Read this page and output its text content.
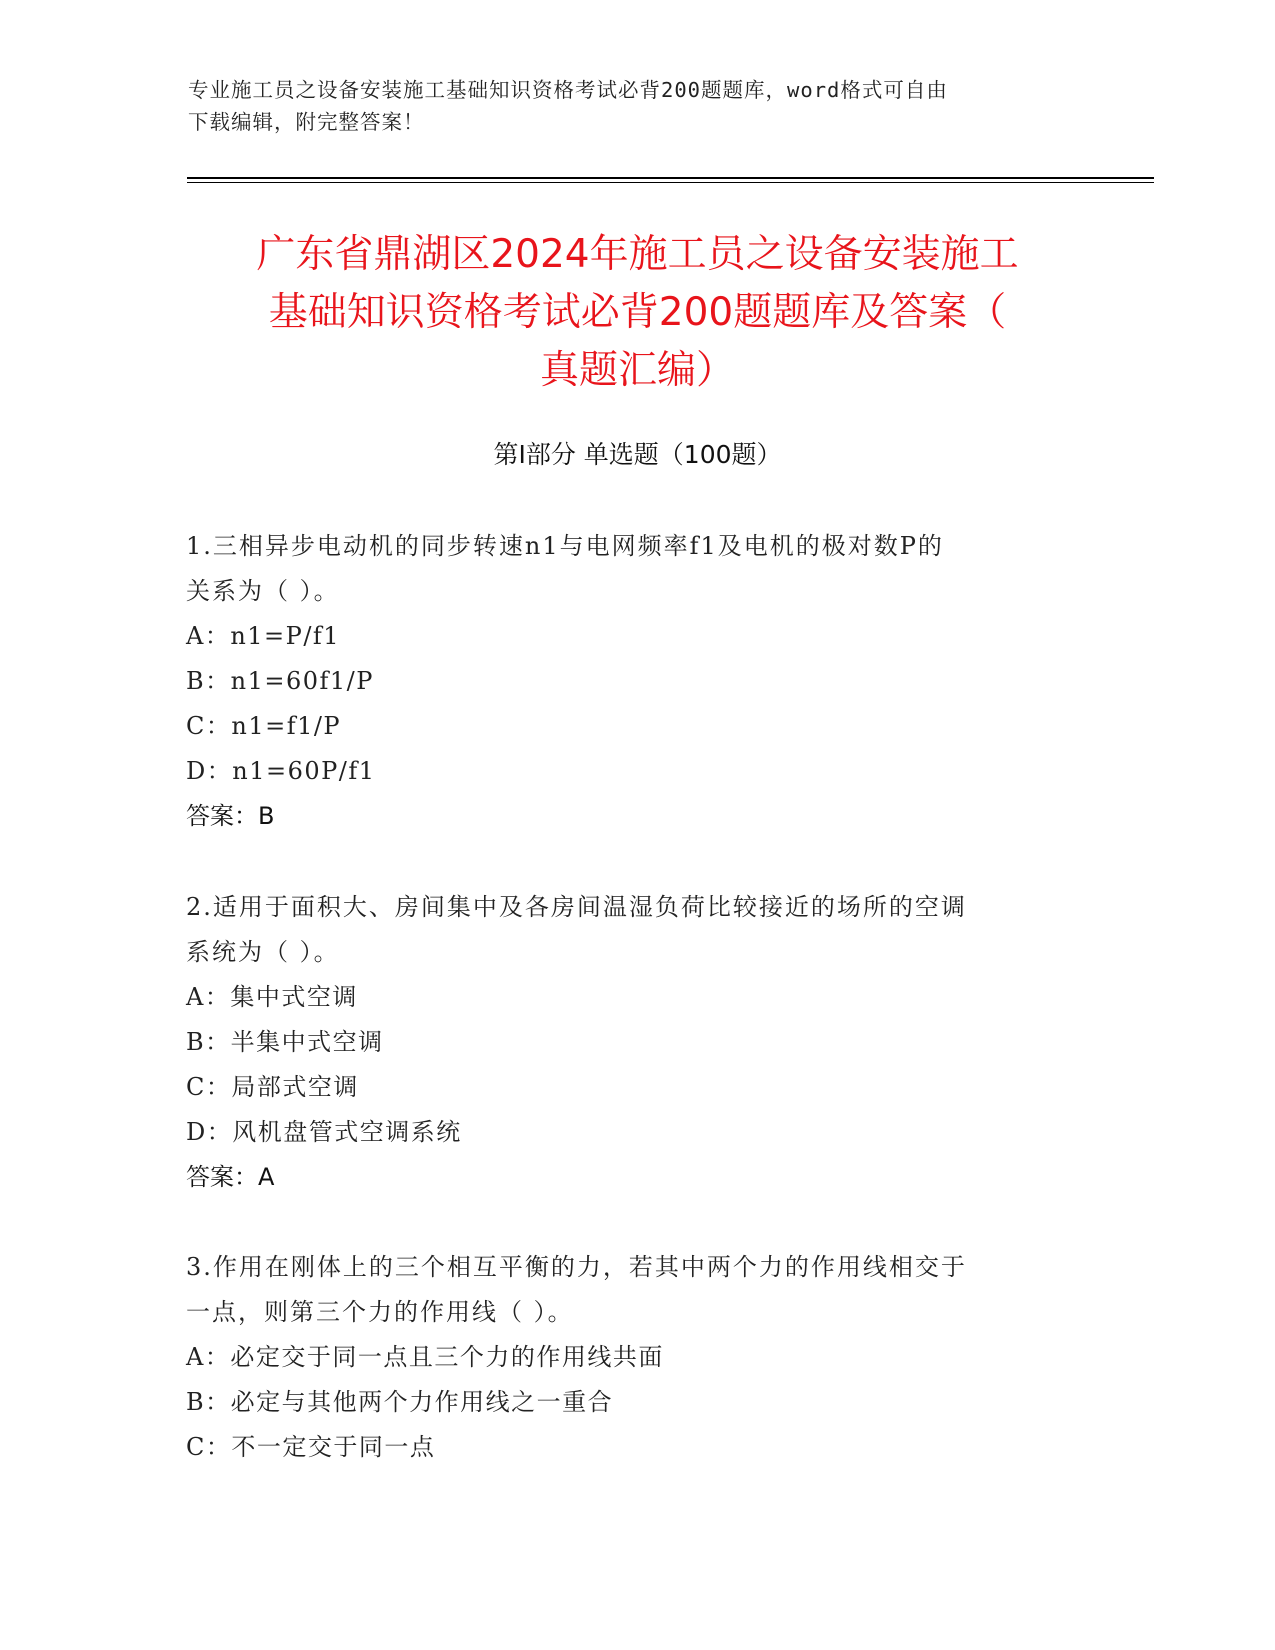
专业施工员之设备安装施工基础知识资格考试必背200题题库，word格式可自由
下载编辑，附完整答案！
广东省鼎湖区2024年施工员之设备安装施工
基础知识资格考试必背200题题库及答案（
真题汇编）
第Ⅰ部分 单选题（100题）
1.三相异步电动机的同步转速n1与电网频率f1及电机的极对数P的
关系为（ ）。
A：n1=P/f1
B：n1=60f1/P
C：n1=f1/P
D：n1=60P/f1
答案：B
2.适用于面积大、房间集中及各房间温湿负荷比较接近的场所的空调
系统为（ ）。
A：集中式空调
B：半集中式空调
C：局部式空调
D：风机盘管式空调系统
答案：A
3.作用在刚体上的三个相互平衡的力，若其中两个力的作用线相交于
一点，则第三个力的作用线（ ）。
A：必定交于同一点且三个力的作用线共面
B：必定与其他两个力作用线之一重合
C：不一定交于同一点
